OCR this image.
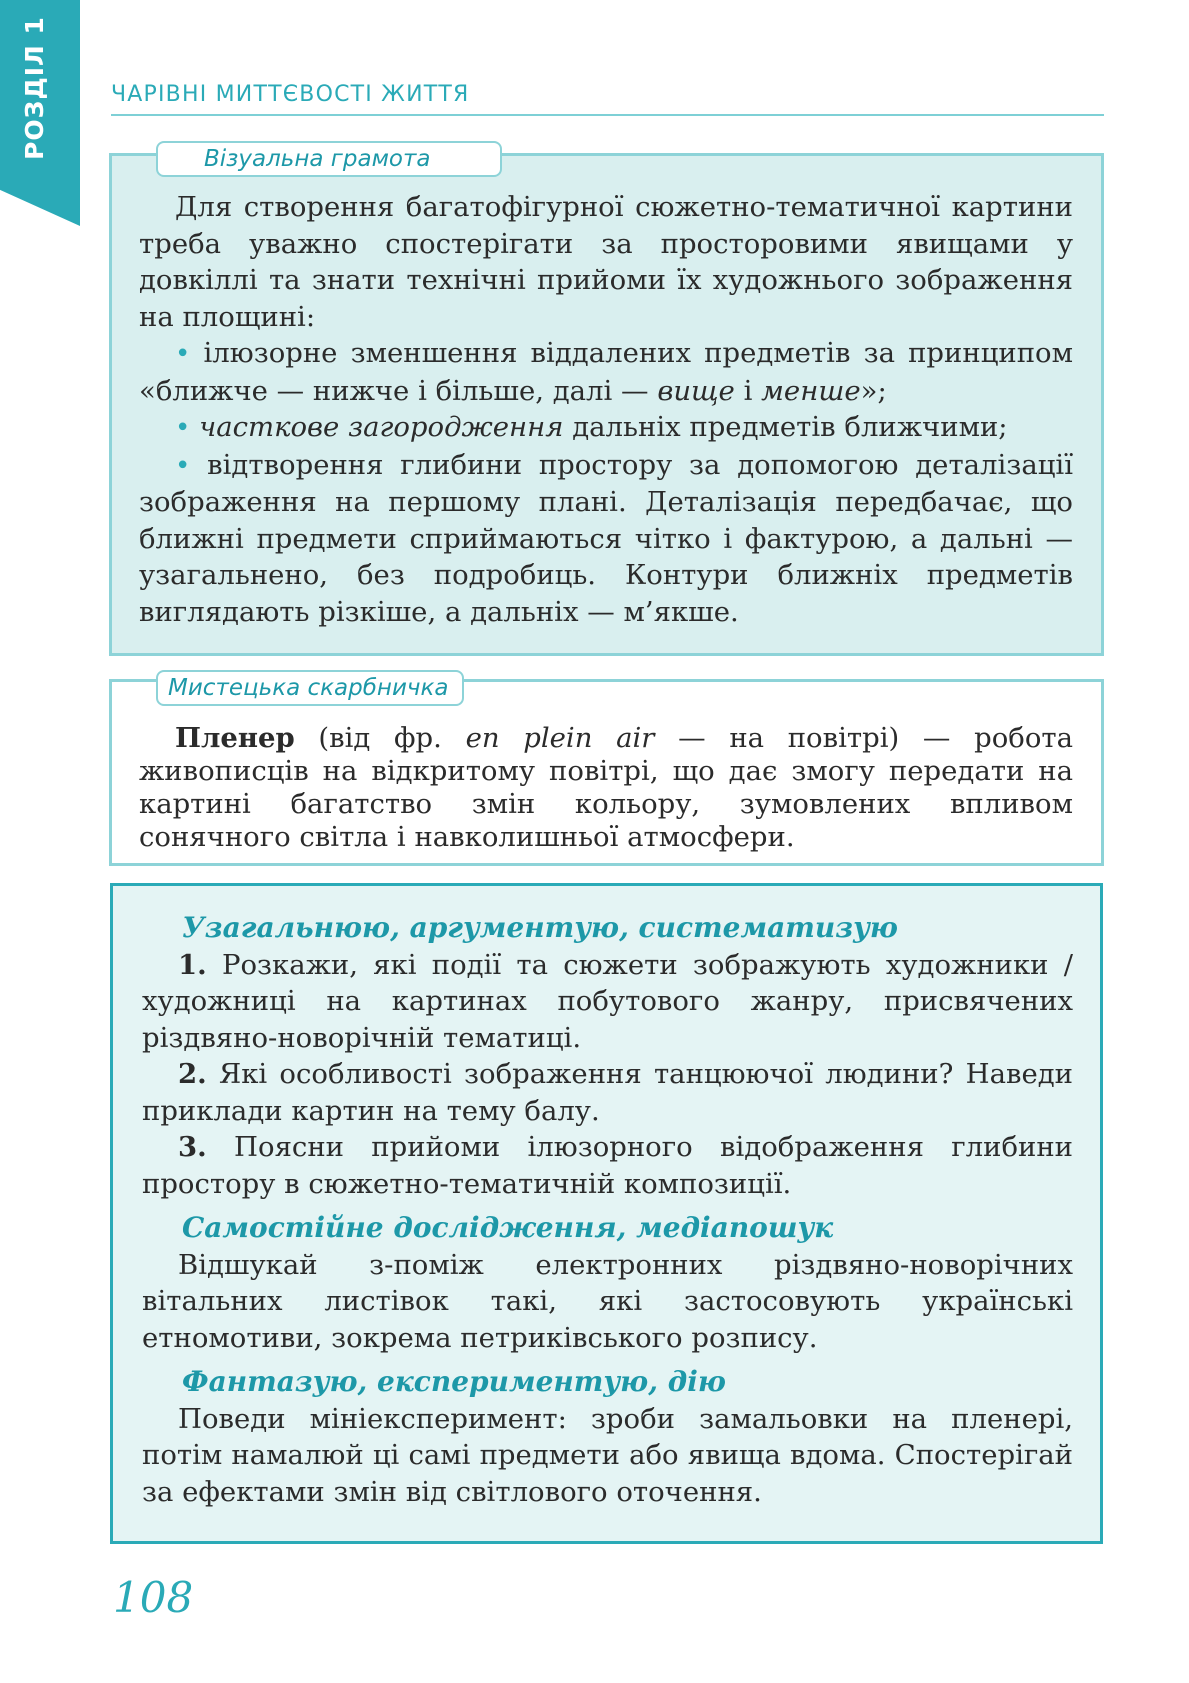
РОЗДІЛ 1	ЧАРІВНІ МИТТЄВОСТІ ЖИТТЯ
Візуальна грамота

Для створення багатофігурної сюжетно-тематичної картини треба уважно спостерігати за просторовими явищами у довкіллі та знати технічні прийоми їх художнього зображення на площині:

• ілюзорне зменшення віддалених предметів за принципом «ближче — нижче і більше, далі — вище і менше»;

• часткове загородження дальніх предметів ближчими;

• відтворення глибини простору за допомогою деталізації зображення на першому плані. Деталізація передбачає, що ближні предмети сприймаються чітко і фактурою, а дальні — узагальнено, без подробиць. Контури ближніх предметів виглядають різкіше, а дальніх — м’якше.

Мистецька скарбничка

Пленер (від фр. en plein air — на повітрі) — робота живописців на відкритому повітрі, що дає змогу передати на картині багатство змін кольору, зумовлених впливом сонячного світла і навколишньої атмосфери.

Узагальнюю, аргументую, систематизую

1. Розкажи, які події та сюжети зображують художники / художниці на картинах побутового жанру, присвячених різдвяно-новорічній тематиці.

2. Які особливості зображення танцюючої людини? Наведи приклади картин на тему балу.

3. Поясни прийоми ілюзорного відображення глибини простору в сюжетно-тематичній композиції.

Самостійне дослідження, медіапошук

Відшукай з-поміж електронних різдвяно-новорічних вітальних листівок такі, які застосовують українські етномотиви, зокрема петриківського розпису.

Фантазую, експериментую, дію

Поведи мініексперимент: зроби замальовки на пленері, потім намалюй ці самі предмети або явища вдома. Спостерігай за ефектами змін від світлового оточення.

108
